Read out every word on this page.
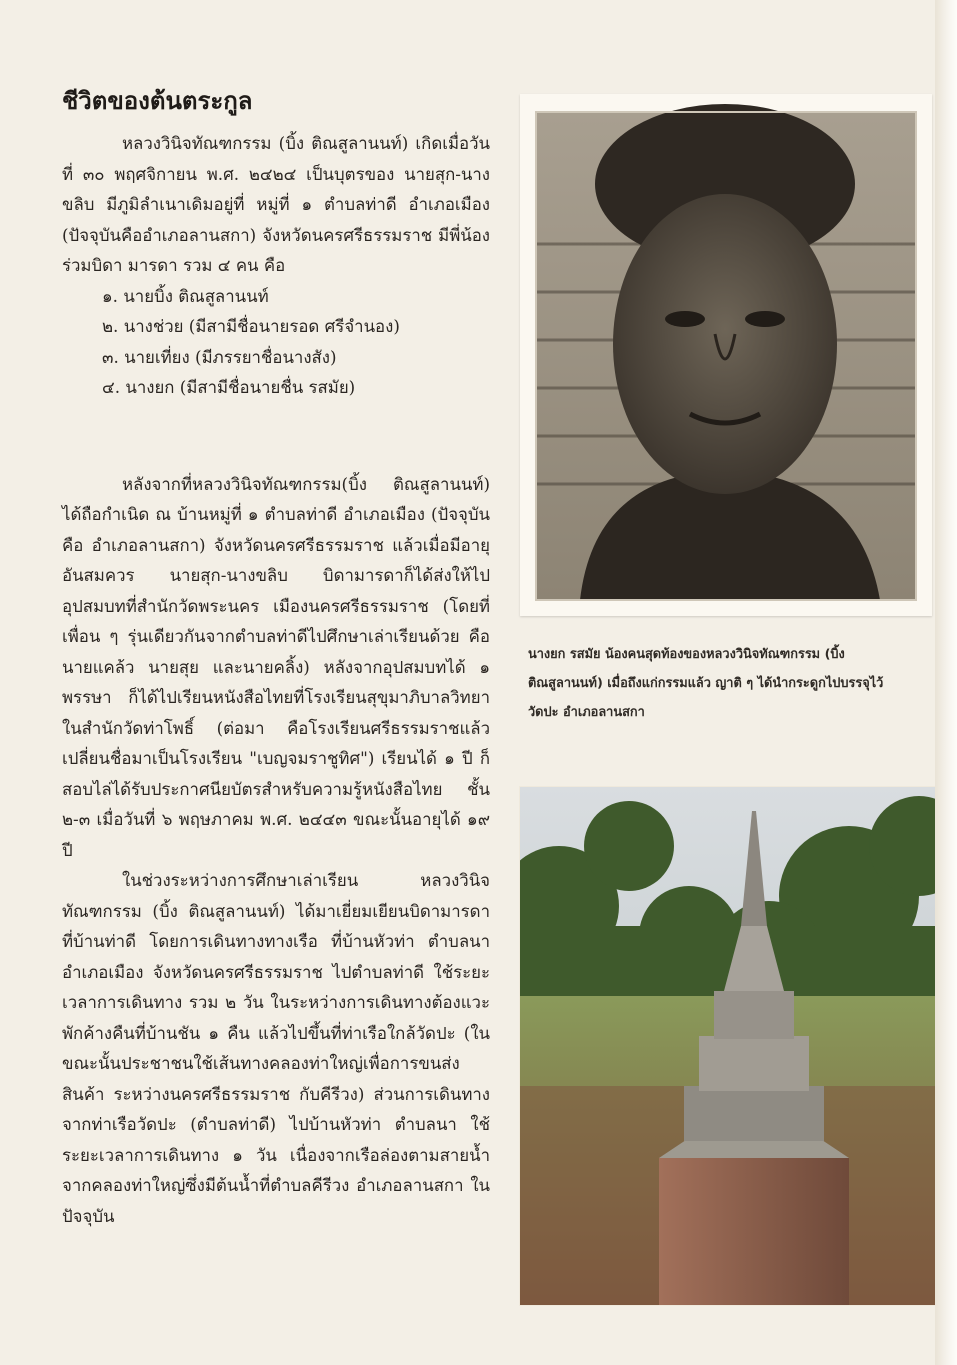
ชีวิตของต้นตระกูล

หลวงวินิจทัณฑกรรม (บิ้ง ติณสูลานนท์) เกิดเมื่อวันที่ ๓๐ พฤศจิกายน พ.ศ. ๒๔๒๔ เป็นบุตรของ นายสุก-นางขลิบ มีภูมิลำเนาเดิมอยู่ที่ หมู่ที่ ๑ ตำบลท่าดี อำเภอเมือง (ปัจจุบันคืออำเภอลานสกา) จังหวัดนครศรีธรรมราช มีพี่น้องร่วมบิดา มารดา รวม ๔ คน คือ

๑. นายบิ้ง ติณสูลานนท์
๒. นางช่วย (มีสามีชื่อนายรอด ศรีจำนอง)
๓. นายเที่ยง (มีภรรยาชื่อนางสัง)
๔. นางยก (มีสามีชื่อนายชื่น รสมัย)

หลังจากที่หลวงวินิจทัณฑกรรม(บิ้ง ติณสูลานนท์) ได้ถือกำเนิด ณ บ้านหมู่ที่ ๑ ตำบลท่าดี อำเภอเมือง (ปัจจุบันคือ อำเภอลานสกา) จังหวัดนครศรีธรรมราช แล้วเมื่อมีอายุอันสมควร นายสุก-นางขลิบ บิดามารดาก็ได้ส่งให้ไปอุปสมบทที่สำนักวัดพระนคร เมืองนครศรีธรรมราช (โดยที่เพื่อน ๆ รุ่นเดียวกันจากตำบลท่าดีไปศึกษาเล่าเรียนด้วย คือ นายแคล้ว นายสุย และนายคลิ้ง) หลังจากอุปสมบทได้ ๑ พรรษา ก็ได้ไปเรียนหนังสือไทยที่โรงเรียนสุขุมาภิบาลวิทยาในสำนักวัดท่าโพธิ์ (ต่อมา คือโรงเรียนศรีธรรมราชแล้วเปลี่ยนชื่อมาเป็นโรงเรียน "เบญจมราชูทิศ") เรียนได้ ๑ ปี ก็สอบไล่ได้รับประกาศนียบัตรสำหรับความรู้หนังสือไทย ชั้น ๒-๓ เมื่อวันที่ ๖ พฤษภาคม พ.ศ. ๒๔๔๓ ขณะนั้นอายุได้ ๑๙ ปี

ในช่วงระหว่างการศึกษาเล่าเรียน หลวงวินิจทัณฑกรรม (บิ้ง ติณสูลานนท์) ได้มาเยี่ยมเยียนบิดามารดา ที่บ้านท่าดี โดยการเดินทางทางเรือ ที่บ้านหัวท่า ตำบลนา อำเภอเมือง จังหวัดนครศรีธรรมราช ไปตำบลท่าดี ใช้ระยะเวลาการเดินทาง รวม ๒ วัน ในระหว่างการเดินทางต้องแวะพักค้างคืนที่บ้านชัน ๑ คืน แล้วไปขึ้นที่ท่าเรือใกล้วัดปะ (ในขณะนั้นประชาชนใช้เส้นทางคลองท่าใหญ่เพื่อการขนส่งสินค้า ระหว่างนครศรีธรรมราช กับคีรีวง) ส่วนการเดินทางจากท่าเรือวัดปะ (ตำบลท่าดี) ไปบ้านหัวท่า ตำบลนา ใช้ระยะเวลาการเดินทาง ๑ วัน เนื่องจากเรือล่องตามสายน้ำ จากคลองท่าใหญ่ซึ่งมีต้นน้ำที่ตำบลคีรีวง อำเภอลานสกา ในปัจจุบัน

นางยก รสมัย น้องคนสุดท้องของหลวงวินิจทัณฑกรรม (บิ้ง
ติณสูลานนท์) เมื่อถึงแก่กรรมแล้ว ญาติ ๆ ได้นำกระดูกไปบรรจุไว้
วัดปะ อำเภอลานสกา
